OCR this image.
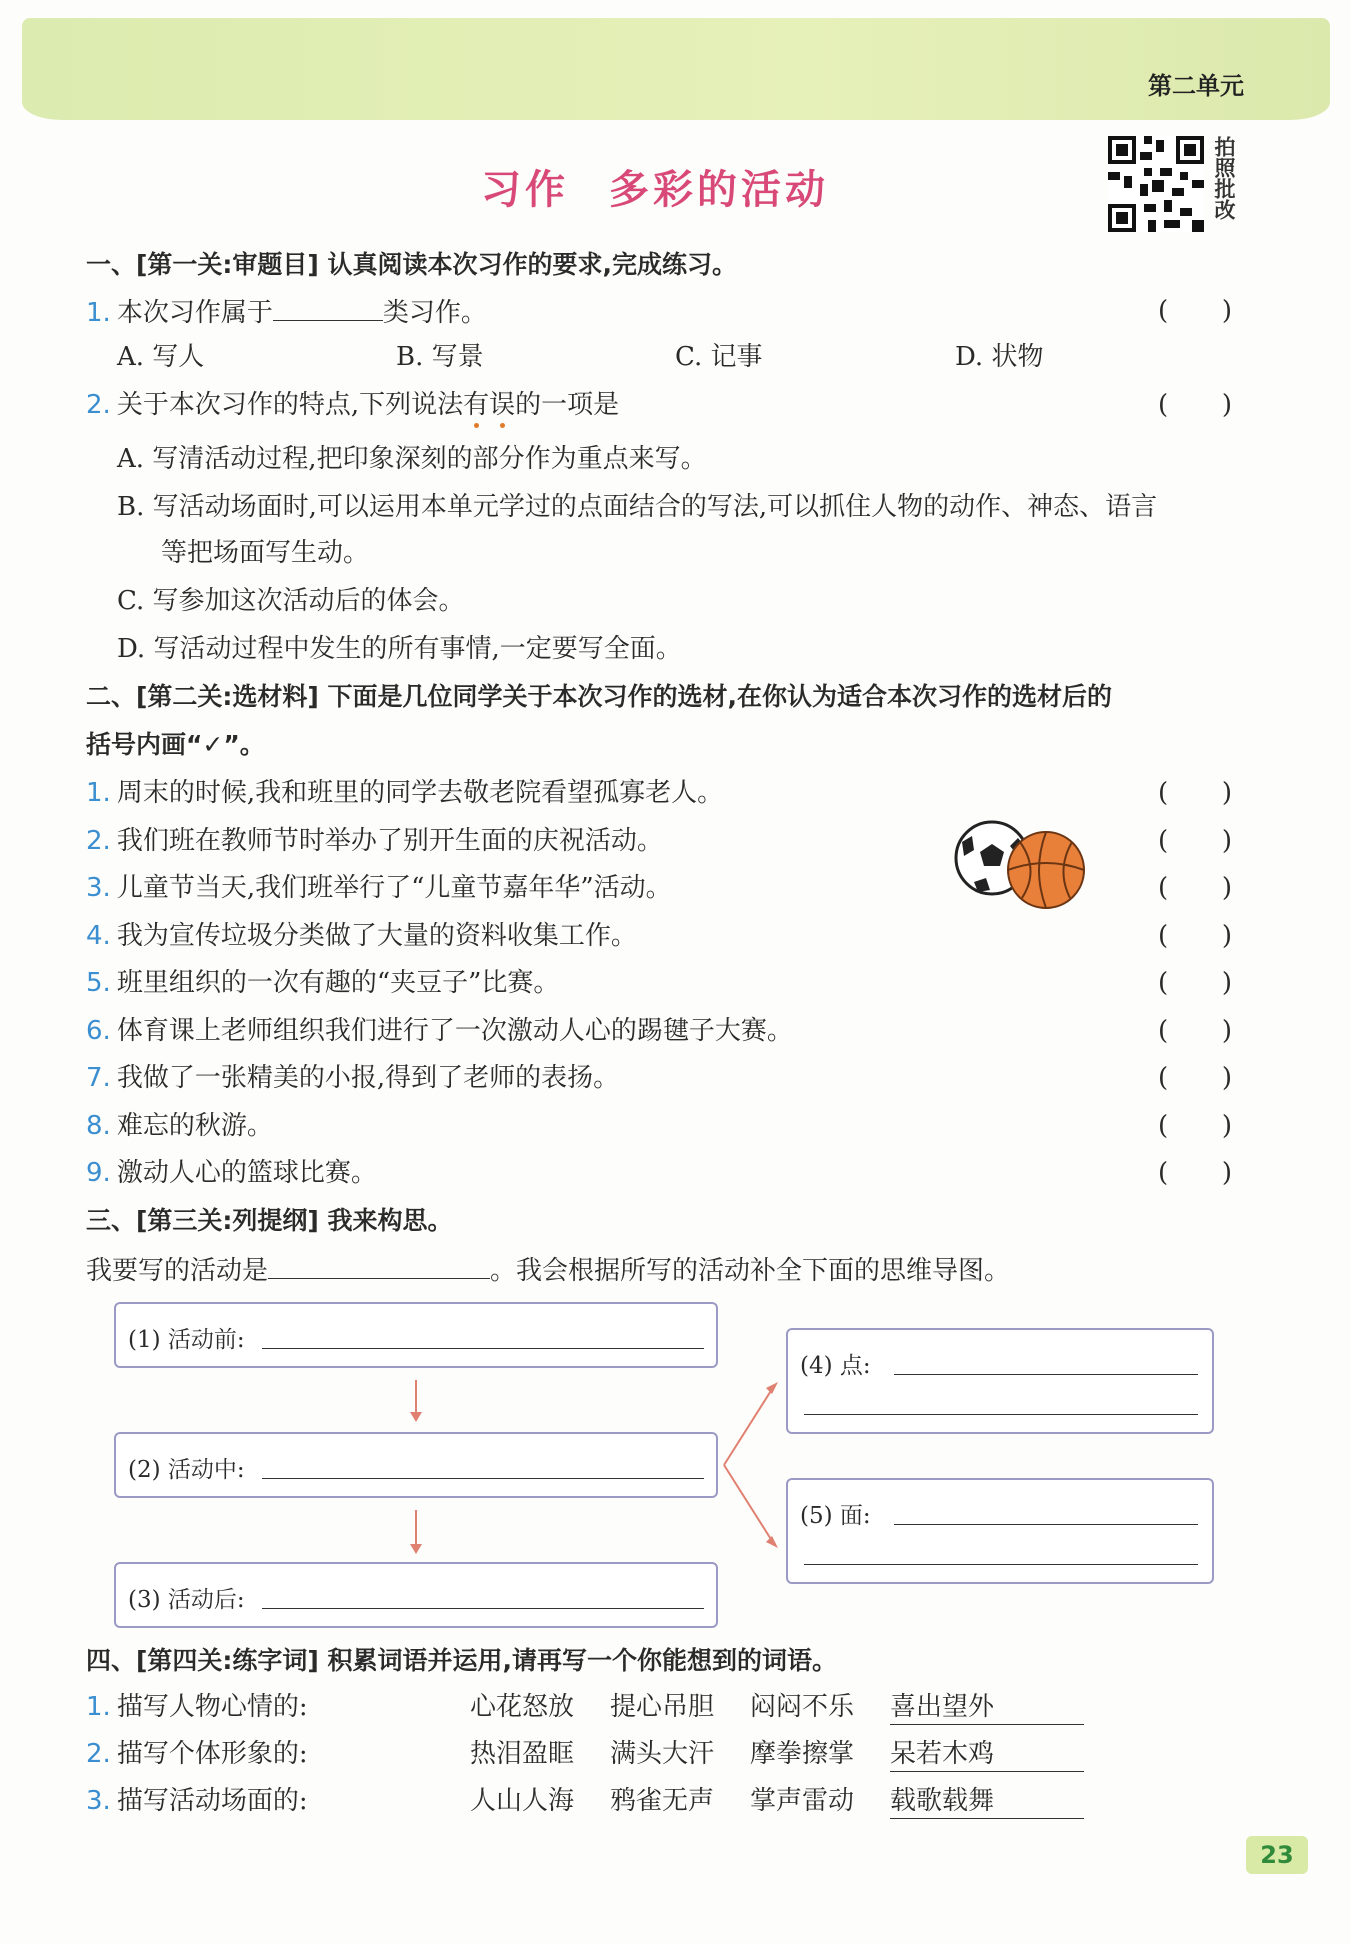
第二单元
习作 多彩的活动	拍照批改
一、[第一关:审题目] 认真阅读本次习作的要求,完成练习。
1. 本次习作属于	类习作。	( )
A. 写人	B. 写景	C. 记事	D. 状物
2. 关于本次习作的特点,下列说法有误的一项是	( )
A. 写清活动过程,把印象深刻的部分作为重点来写。
B. 写活动场面时,可以运用本单元学过的点面结合的写法,可以抓住人物的动作、神态、语言
等把场面写生动。
C. 写参加这次活动后的体会。
D. 写活动过程中发生的所有事情,一定要写全面。
二、[第二关:选材料] 下面是几位同学关于本次习作的选材,在你认为适合本次习作的选材后的
括号内画“✓”。
1. 周末的时候,我和班里的同学去敬老院看望孤寡老人。	( )
2. 我们班在教师节时举办了别开生面的庆祝活动。	( )
3. 儿童节当天,我们班举行了“儿童节嘉年华”活动。	( )
4. 我为宣传垃圾分类做了大量的资料收集工作。	( )
5. 班里组织的一次有趣的“夹豆子”比赛。	( )
6. 体育课上老师组织我们进行了一次激动人心的踢毽子大赛。	( )
7. 我做了一张精美的小报,得到了老师的表扬。	( )
8. 难忘的秋游。	( )
9. 激动人心的篮球比赛。	( )
三、[第三关:列提纲] 我来构思。
我要写的活动是	。我会根据所写的活动补全下面的思维导图。
(1) 活动前:
(2) 活动中:
(3) 活动后:
(4) 点:
(5) 面:
四、[第四关:练字词] 积累词语并运用,请再写一个你能想到的词语。
1. 描写人物心情的:	心花怒放 提心吊胆 闷闷不乐 喜出望外
2. 描写个体形象的:	热泪盈眶 满头大汗 摩拳擦掌 呆若木鸡
3. 描写活动场面的:	人山人海 鸦雀无声 掌声雷动 载歌载舞
23
